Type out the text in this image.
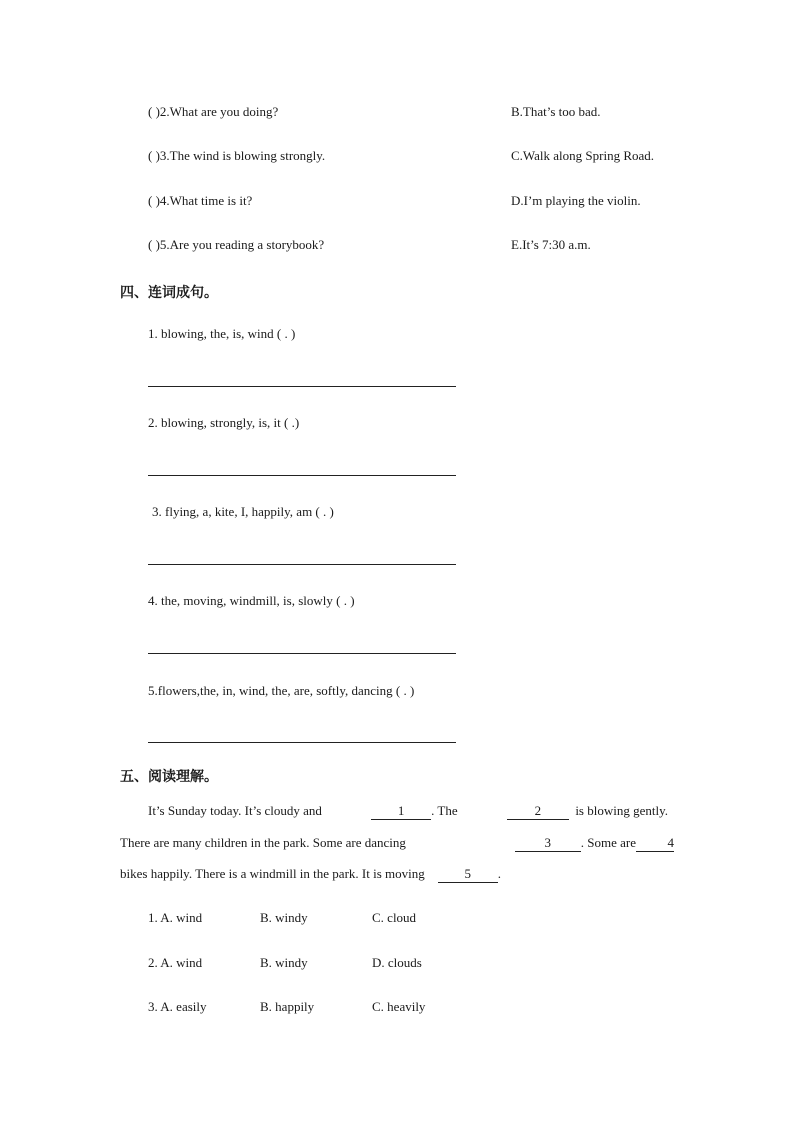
( )2.What are you doing?	B.That’s too bad.
( )3.The wind is blowing strongly.	C.Walk along Spring Road.
( )4.What time is it?	D.I’m playing the violin.
( )5.Are you reading a storybook?	E.It’s 7:30 a.m.
四、连词成句。
1. blowing, the, is, wind ( . )
2. blowing, strongly, is, it ( .)
3. flying, a, kite, I, happily, am ( . )
4. the, moving, windmill, is, slowly ( . )
5.flowers,the, in, wind, the, are, softly, dancing ( . )
五、阅读理解。
It’s Sunday today. It’s cloudy and	1 . The	2	is blowing gently.
There are many children in the park. Some are dancing	3 . Some are 4
bikes happily. There is a windmill in the park. It is moving	5 .
1. A. wind	B. windy	C. cloud
2. A. wind	B. windy	D. clouds
3. A. easily	B. happily	C. heavily
